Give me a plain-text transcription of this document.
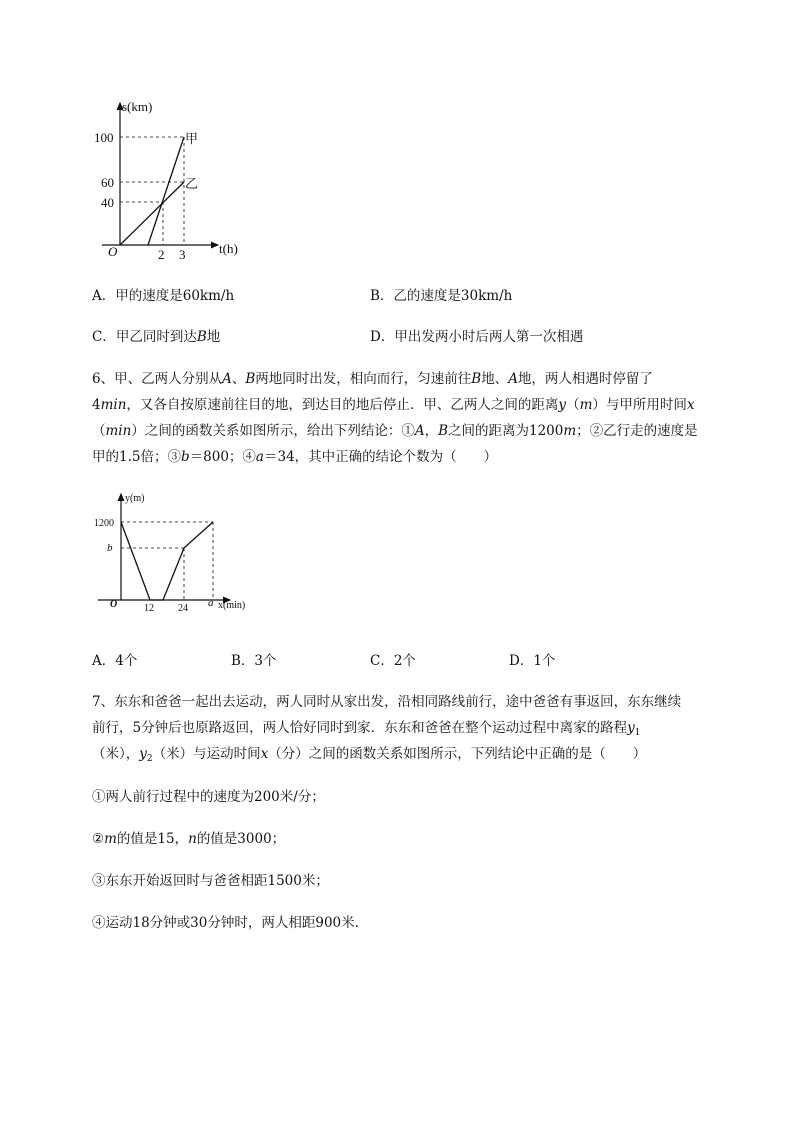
s(km)
t(h)
O
100
60
40
2 3
甲
乙
A．甲的速度是60km/h	B．乙的速度是30km/h
C．甲乙同时到达B地	D．甲出发两小时后两人第一次相遇
6、甲、乙两人分别从A、B两地同时出发，相向而行，匀速前往B地、A地，两人相遇时停留了
4min，又各自按原速前往目的地，到达目的地后停止．甲、乙两人之间的距离y（m）与甲所用时间x
（min）之间的函数关系如图所示，给出下列结论：①A，B之间的距离为1200m；②乙行走的速度是
甲的1.5倍；③b＝800；④a＝34，其中正确的结论个数为（　　）
y(m)
x(min)
O
1200
b
12 24 a
A．4个	B．3个	C．2个	D．1个
7、东东和爸爸一起出去运动，两人同时从家出发，沿相同路线前行，途中爸爸有事返回，东东继续
前行，5分钟后也原路返回，两人恰好同时到家．东东和爸爸在整个运动过程中离家的路程$y_1$
（米），$y_2$（米）与运动时间x（分）之间的函数关系如图所示，下列结论中正确的是（　　）
①两人前行过程中的速度为200米/分；
②m的值是15，n的值是3000；
③东东开始返回时与爸爸相距1500米；
④运动18分钟或30分钟时，两人相距900米．
